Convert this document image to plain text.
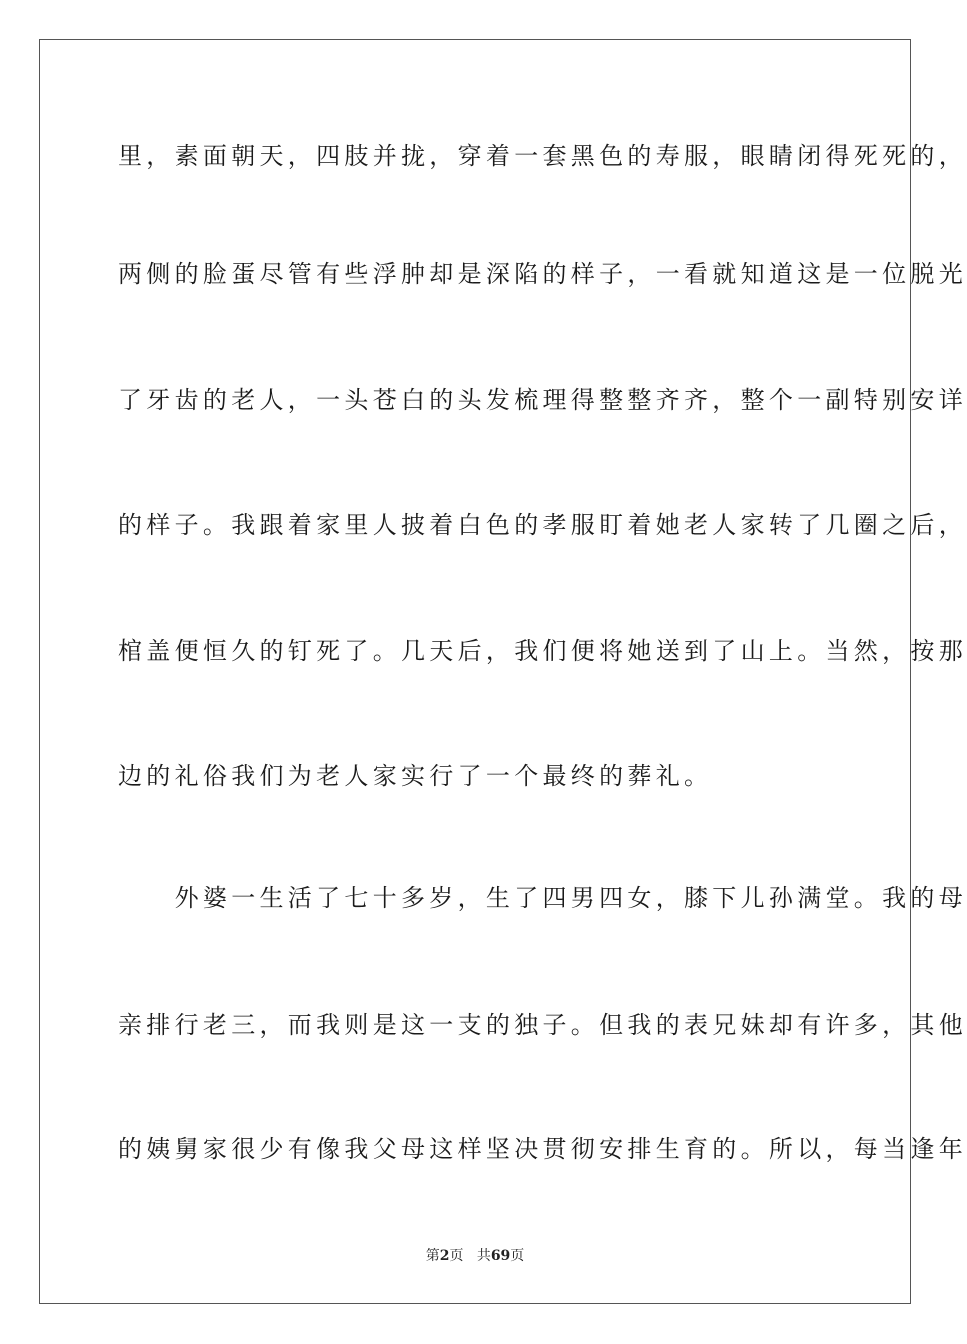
里，素面朝天，四肢并拢，穿着一套黑色的寿服，眼睛闭得死死的，
两侧的脸蛋尽管有些浮肿却是深陷的样子，一看就知道这是一位脱光
了牙齿的老人，一头苍白的头发梳理得整整齐齐，整个一副特别安详
的样子。我跟着家里人披着白色的孝服盯着她老人家转了几圈之后，
棺盖便恒久的钉死了。几天后，我们便将她送到了山上。当然，按那
边的礼俗我们为老人家实行了一个最终的葬礼。
　　外婆一生活了七十多岁，生了四男四女，膝下儿孙满堂。我的母
亲排行老三，而我则是这一支的独子。但我的表兄妹却有许多，其他
的姨舅家很少有像我父母这样坚决贯彻安排生育的。所以，每当逢年
第2页 共69页
